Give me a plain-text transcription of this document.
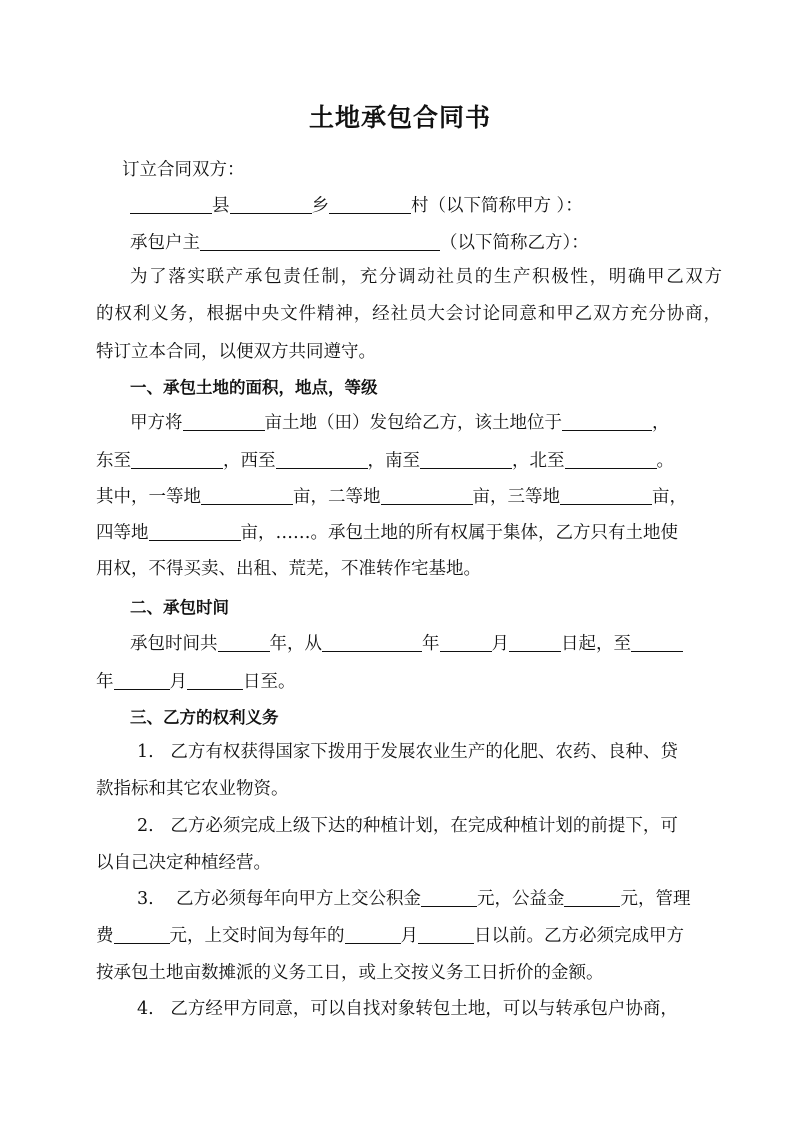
土地承包合同书
订立合同双方：
县	乡	村（以下简称甲方 ）：
承包户主	（以下简称乙方）：
为了落实联产承包责任制，充分调动社员的生产积极性，明确甲乙双方
的权利义务，根据中央文件精神，经社员大会讨论同意和甲乙双方充分协商，
特订立本合同，以便双方共同遵守。
一、承包土地的面积，地点，等级
甲方将	亩土地（田）发包给乙方，该土地位于	，
东至	，西至	，南至	，北至	。
其中，一等地	亩，二等地	亩，三等地	亩，
四等地	亩，……。承包土地的所有权属于集体，乙方只有土地使
用权，不得买卖、出租、荒芜，不准转作宅基地。
二、承包时间
承包时间共	年，从	年	月	日起，至
年	月	日至。
三、乙方的权利义务
1. 乙方有权获得国家下拨用于发展农业生产的化肥、农药、良种、贷
款指标和其它农业物资。
2. 乙方必须完成上级下达的种植计划，在完成种植计划的前提下，可
以自己决定种植经营。
3. 乙方必须每年向甲方上交公积金	元，公益金	元，管理
费	元，上交时间为每年的	月	日以前。乙方必须完成甲方
按承包土地亩数摊派的义务工日，或上交按义务工日折价的金额。
4. 乙方经甲方同意，可以自找对象转包土地，可以与转承包户协商，
